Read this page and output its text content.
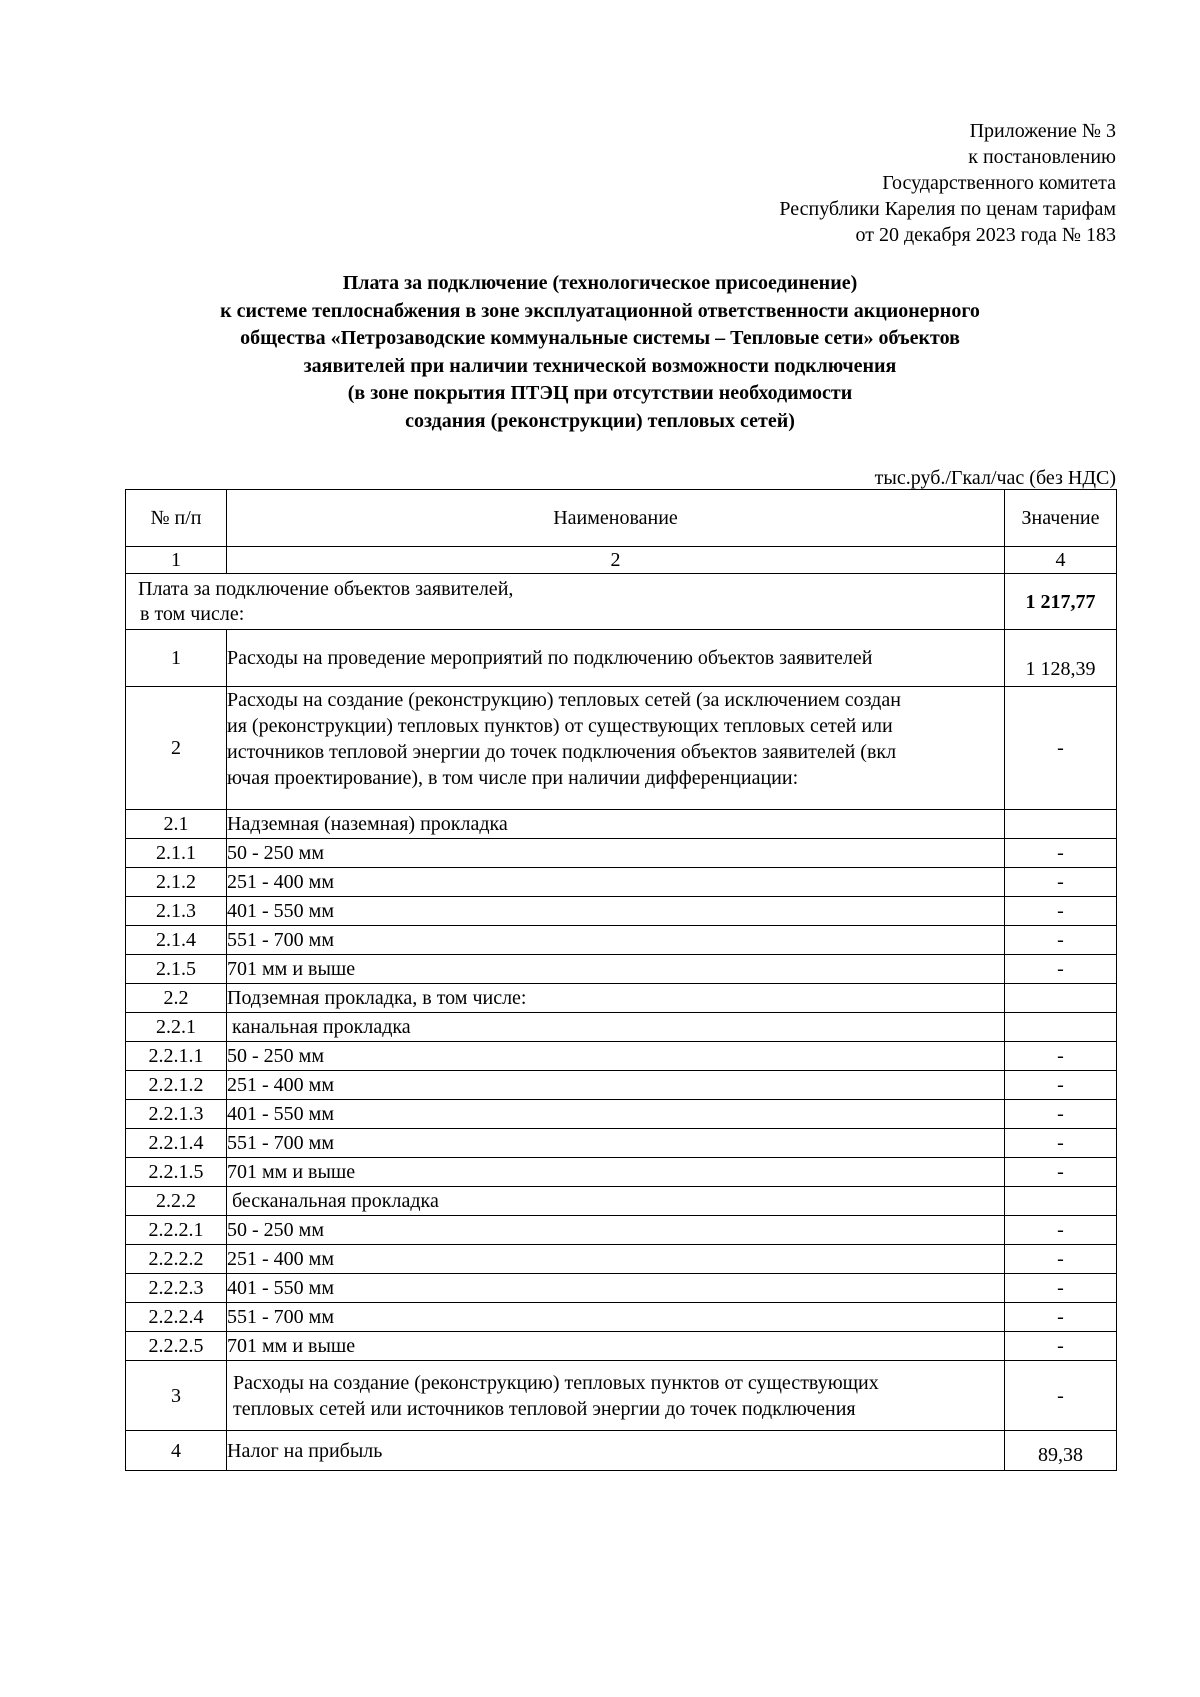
Приложение № 3
к постановлению
Государственного комитета
Республики Карелия по ценам тарифам
от 20 декабря 2023 года № 183
Плата за подключение (технологическое присоединение)
к системе теплоснабжения в зоне эксплуатационной ответственности акционерного
общества «Петрозаводские коммунальные системы – Тепловые сети» объектов
заявителей при наличии технической возможности подключения
(в зоне покрытия ПТЭЦ при отсутствии необходимости
создания (реконструкции) тепловых сетей)
тыс.руб./Гкал/час (без НДС)
№ п/п	Наименование	Значение
1	2	4

Плата за подключение объектов заявителей,
в том числе:		1 217,77
1	Расходы на проведение мероприятий по подключению объектов заявителей	1 128,39
2	Расходы на создание (реконструкцию) тепловых сетей (за исключением создан
ия (реконструкции) тепловых пунктов) от существующих тепловых сетей или
источников тепловой энергии до точек подключения объектов заявителей (вкл
ючая проектирование), в том числе при наличии дифференциации:	-
2.1	Надземная (наземная) прокладка	
2.1.1	50 - 250 мм	-
2.1.2	251 - 400 мм	-
2.1.3	401 - 550 мм	-
2.1.4	551 - 700 мм	-
2.1.5	701 мм и выше	-
2.2	Подземная прокладка, в том числе:	
2.2.1	канальная прокладка	
2.2.1.1	50 - 250 мм	-
2.2.1.2	251 - 400 мм	-
2.2.1.3	401 - 550 мм	-
2.2.1.4	551 - 700 мм	-
2.2.1.5	701 мм и выше	-
2.2.2	бесканальная прокладка	
2.2.2.1	50 - 250 мм	-
2.2.2.2	251 - 400 мм	-
2.2.2.3	401 - 550 мм	-
2.2.2.4	551 - 700 мм	-
2.2.2.5	701 мм и выше	-
3	Расходы на создание (реконструкцию) тепловых пунктов от существующих
тепловых сетей или источников тепловой энергии до точек подключения	-
4	Налог на прибыль	89,38
